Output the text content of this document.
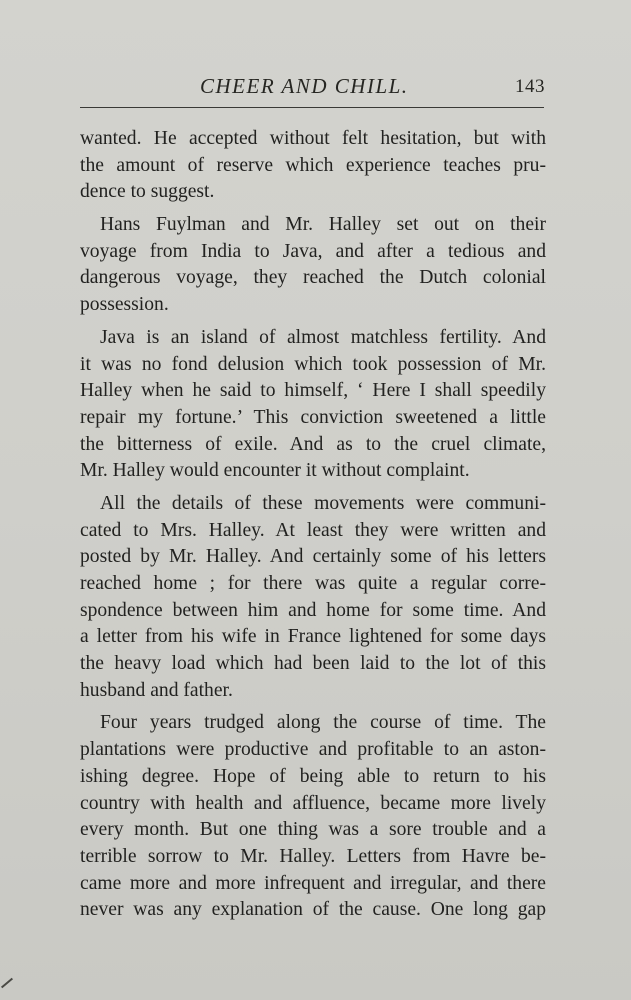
CHEER AND CHILL.	143

wanted. He accepted without felt hesitation, but with
the amount of reserve which experience teaches pru-
dence to suggest.

Hans Fuylman and Mr. Halley set out on their
voyage from India to Java, and after a tedious and
dangerous voyage, they reached the Dutch colonial
possession.

Java is an island of almost matchless fertility. And
it was no fond delusion which took possession of Mr.
Halley when he said to himself, ‘ Here I shall speedily
repair my fortune.’ This conviction sweetened a little
the bitterness of exile. And as to the cruel climate,
Mr. Halley would encounter it without complaint.

All the details of these movements were communi-
cated to Mrs. Halley. At least they were written and
posted by Mr. Halley. And certainly some of his letters
reached home ; for there was quite a regular corre-
spondence between him and home for some time. And
a letter from his wife in France lightened for some days
the heavy load which had been laid to the lot of this
husband and father.

Four years trudged along the course of time. The
plantations were productive and profitable to an aston-
ishing degree. Hope of being able to return to his
country with health and affluence, became more lively
every month. But one thing was a sore trouble and a
terrible sorrow to Mr. Halley. Letters from Havre be-
came more and more infrequent and irregular, and there
never was any explanation of the cause. One long gap
